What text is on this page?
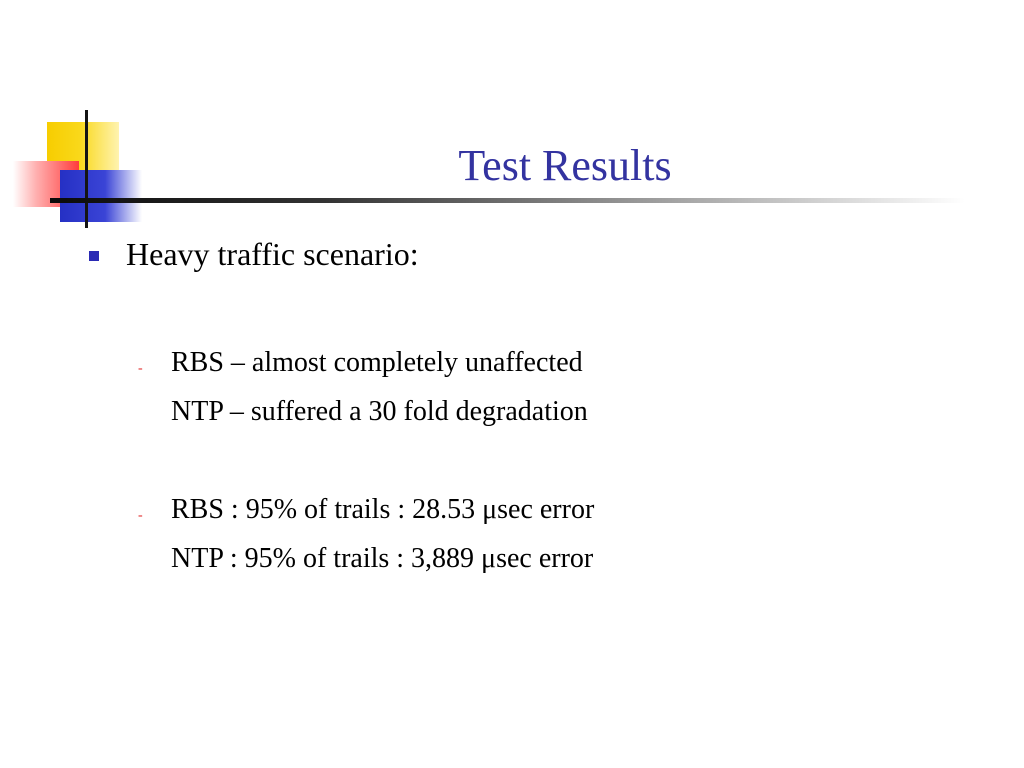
Test Results
Heavy traffic scenario:
- RBS – almost completely unaffected
NTP – suffered a 30 fold degradation
- RBS : 95% of trails : 28.53 μsec error
NTP : 95% of trails : 3,889 μsec error
